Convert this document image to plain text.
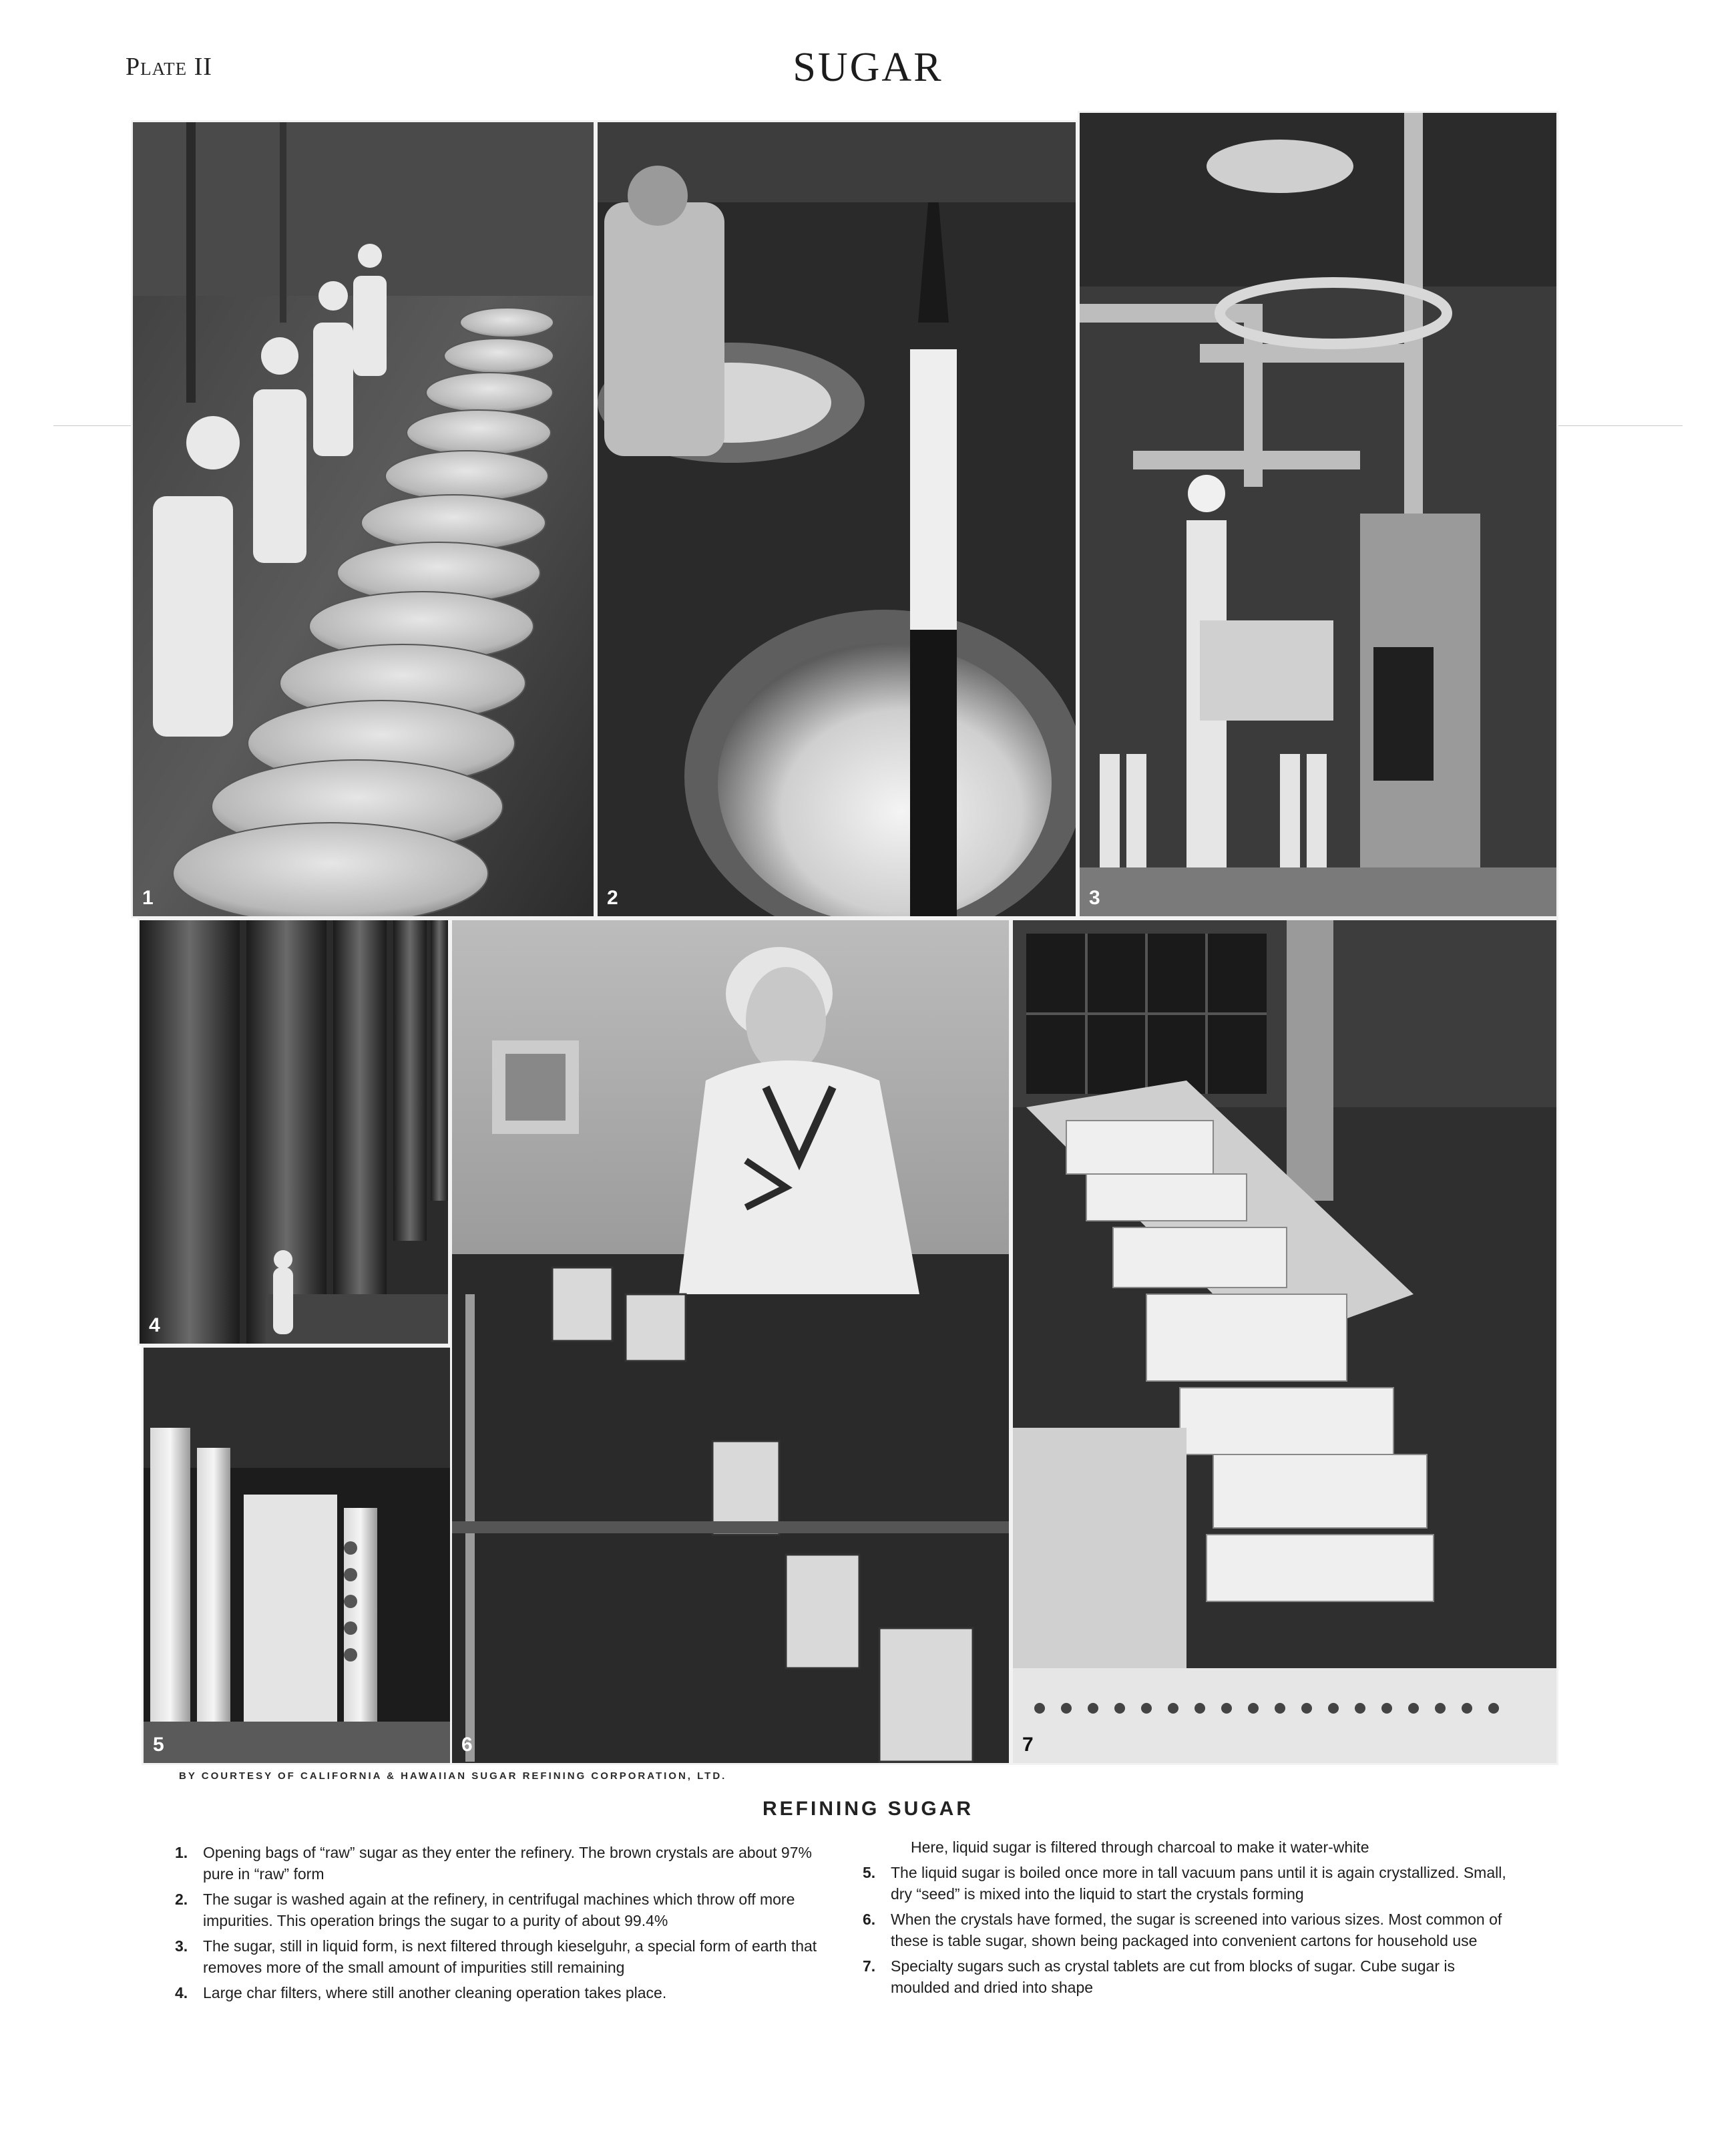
Plate II	SUGAR
1	2	3
4
5	6	7
BY COURTESY OF CALIFORNIA & HAWAIIAN SUGAR REFINING CORPORATION, LTD.
REFINING SUGAR
1. Opening bags of “raw” sugar as they enter the refinery. The brown crystals are about 97% pure in “raw” form
2. The sugar is washed again at the refinery, in centrifugal machines which throw off more impurities. This operation brings the sugar to a purity of about 99.4%
3. The sugar, still in liquid form, is next filtered through kieselguhr, a special form of earth that removes more of the small amount of impurities still remaining
4. Large char filters, where still another cleaning operation takes place.
Here, liquid sugar is filtered through charcoal to make it water-white
5. The liquid sugar is boiled once more in tall vacuum pans until it is again crystallized. Small, dry “seed” is mixed into the liquid to start the crystals forming
6. When the crystals have formed, the sugar is screened into various sizes. Most common of these is table sugar, shown being packaged into convenient cartons for household use
7. Specialty sugars such as crystal tablets are cut from blocks of sugar. Cube sugar is moulded and dried into shape
